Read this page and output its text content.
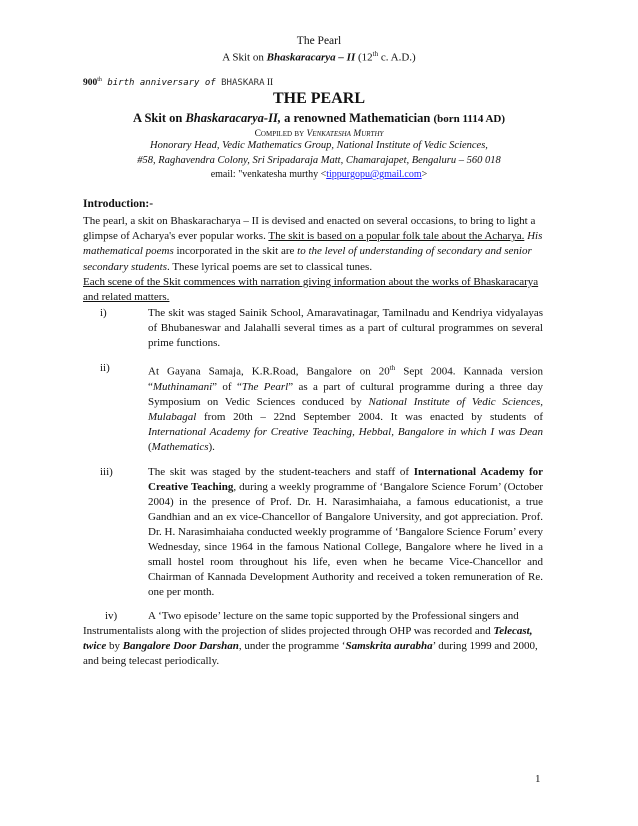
The Pearl
A Skit on Bhaskaracarya – II (12th c. A.D.)
900th birth anniversary of BHASKARA II
THE PEARL
A Skit on Bhaskaracarya-II, a renowned Mathematician (born 1114 AD)
Compiled by Venkatesha Murthy
Honorary Head, Vedic Mathematics Group, National Institute of Vedic Sciences,
#58, Raghavendra Colony, Sri Sripadaraja Matt, Chamarajapet, Bengaluru – 560 018
email: "venkatesha murthy <tippurgopu@gmail.com>
Introduction:-
The pearl, a skit on Bhaskaracharya – II is devised and enacted on several occasions, to bring to light a glimpse of Acharya's ever popular works. The skit is based on a popular folk tale about the Acharya. His mathematical poems incorporated in the skit are to the level of understanding of secondary and senior secondary students. These lyrical poems are set to classical tunes.
Each scene of the Skit commences with narration giving information about the works of Bhaskaracarya and related matters.
i)	The skit was staged Sainik School, Amaravatinagar, Tamilnadu and Kendriya vidyalayas of Bhubaneswar and Jalahalli several times as a part of cultural programmes on several prime functions.
ii)	At Gayana Samaja, K.R.Road, Bangalore on 20th Sept 2004. Kannada version “Muthinamani” of “The Pearl” as a part of cultural programme during a three day Symposium on Vedic Sciences conduced by National Institute of Vedic Sciences, Mulabagal from 20th – 22nd September 2004. It was enacted by students of International Academy for Creative Teaching, Hebbal, Bangalore in which I was Dean (Mathematics).
iii)	The skit was staged by the student-teachers and staff of International Academy for Creative Teaching, during a weekly programme of ‘Bangalore Science Forum’ (October 2004) in the presence of Prof. Dr. H. Narasimhaiaha, a famous educationist, a true Gandhian and an ex vice-Chancellor of Bangalore University, and got appreciation. Prof. Dr. H. Narasimhaiaha conducted weekly programme of ‘Bangalore Science Forum’ every Wednesday, since 1964 in the famous National College, Bangalore where he lived in a small hostel room throughout his life, even when he became Vice-Chancellor and Chairman of Kannada Development Authority and received a token remuneration of Re. one per month.
iv)	A ‘Two episode’ lecture on the same topic supported by the Professional singers and Instrumentalists along with the projection of slides projected through OHP was recorded and Telecast, twice by Bangalore Door Darshan, under the programme ‘Samskrita aurabha’ during 1999 and 2000, and being telecast periodically.
1
